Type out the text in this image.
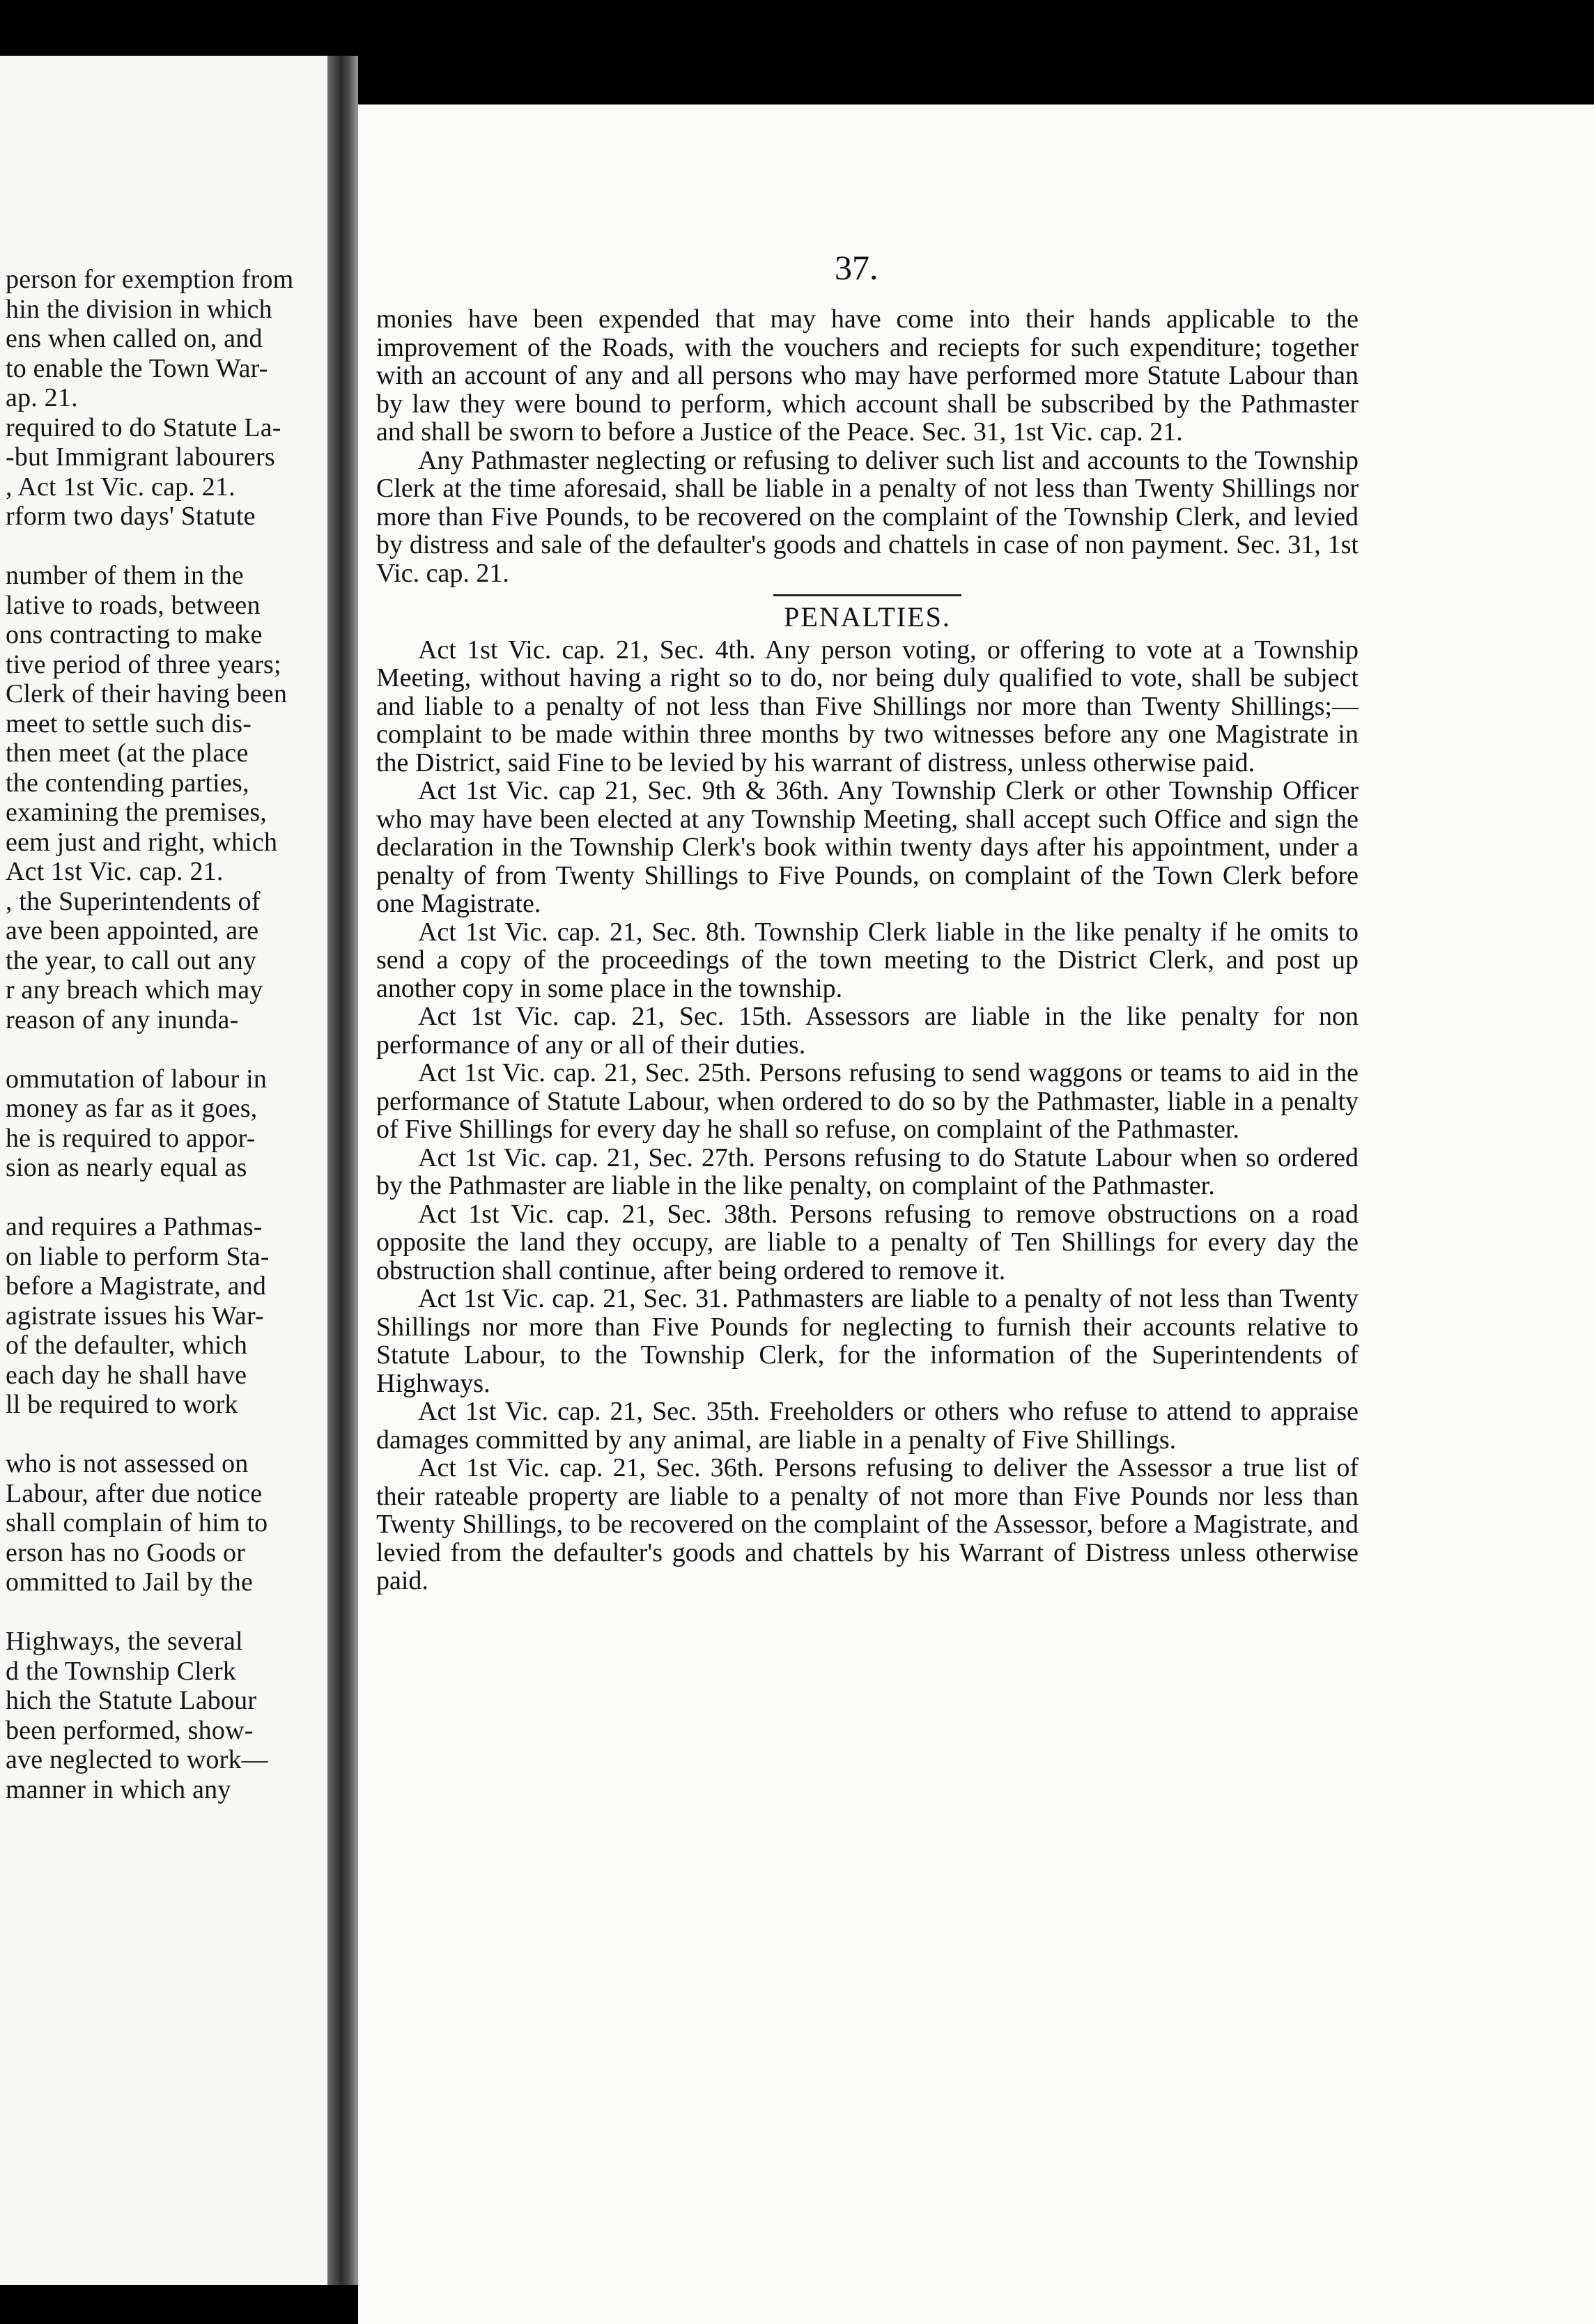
person for exemption from
hin the division in which
ens when called on, and
to enable the Town War-
ap. 21.
required to do Statute La-
-but Immigrant labourers
, Act 1st Vic. cap. 21.
rform two days' Statute
number of them in the
lative to roads, between
ons contracting to make
tive period of three years;
Clerk of their having been
meet to settle such dis-
then meet (at the place
the contending parties,
examining the premises,
eem just and right, which
Act 1st Vic. cap. 21.
, the Superintendents of
ave been appointed, are
the year, to call out any
r any breach which may
reason of any inunda-
ommutation of labour in
money as far as it goes,
he is required to appor-
sion as nearly equal as
and requires a Pathmas-
on liable to perform Sta-
before a Magistrate, and
agistrate issues his War-
of the defaulter, which
each day he shall have
ll be required to work
who is not assessed on
Labour, after due notice
shall complain of him to
erson has no Goods or
ommitted to Jail by the
Highways, the several
d the Township Clerk
hich the Statute Labour
been performed, show-
ave neglected to work—
manner in which any
37.

monies have been expended that may have come into their hands applicable to the improvement of the Roads, with the vouchers and reciepts for such expenditure; together with an account of any and all persons who may have performed more Statute Labour than by law they were bound to perform, which account shall be subscribed by the Pathmaster and shall be sworn to before a Justice of the Peace. Sec. 31, 1st Vic. cap. 21.

Any Pathmaster neglecting or refusing to deliver such list and accounts to the Township Clerk at the time aforesaid, shall be liable in a penalty of not less than Twenty Shillings nor more than Five Pounds, to be recovered on the complaint of the Township Clerk, and levied by distress and sale of the defaulter's goods and chattels in case of non payment. Sec. 31, 1st Vic. cap. 21.

PENALTIES.

Act 1st Vic. cap. 21, Sec. 4th. Any person voting, or offering to vote at a Township Meeting, without having a right so to do, nor being duly qualified to vote, shall be subject and liable to a penalty of not less than Five Shillings nor more than Twenty Shillings;—complaint to be made within three months by two witnesses before any one Magistrate in the District, said Fine to be levied by his warrant of distress, unless otherwise paid.

Act 1st Vic. cap 21, Sec. 9th & 36th. Any Township Clerk or other Township Officer who may have been elected at any Township Meeting, shall accept such Office and sign the declaration in the Township Clerk's book within twenty days after his appointment, under a penalty of from Twenty Shillings to Five Pounds, on complaint of the Town Clerk before one Magistrate.

Act 1st Vic. cap. 21, Sec. 8th. Township Clerk liable in the like penalty if he omits to send a copy of the proceedings of the town meeting to the District Clerk, and post up another copy in some place in the township.

Act 1st Vic. cap. 21, Sec. 15th. Assessors are liable in the like penalty for non performance of any or all of their duties.

Act 1st Vic. cap. 21, Sec. 25th. Persons refusing to send waggons or teams to aid in the performance of Statute Labour, when ordered to do so by the Pathmaster, liable in a penalty of Five Shillings for every day he shall so refuse, on complaint of the Pathmaster.

Act 1st Vic. cap. 21, Sec. 27th. Persons refusing to do Statute Labour when so ordered by the Pathmaster are liable in the like penalty, on complaint of the Pathmaster.

Act 1st Vic. cap. 21, Sec. 38th. Persons refusing to remove obstructions on a road opposite the land they occupy, are liable to a penalty of Ten Shillings for every day the obstruction shall continue, after being ordered to remove it.

Act 1st Vic. cap. 21, Sec. 31. Pathmasters are liable to a penalty of not less than Twenty Shillings nor more than Five Pounds for neglecting to furnish their accounts relative to Statute Labour, to the Township Clerk, for the information of the Superintendents of Highways.

Act 1st Vic. cap. 21, Sec. 35th. Freeholders or others who refuse to attend to appraise damages committed by any animal, are liable in a penalty of Five Shillings.

Act 1st Vic. cap. 21, Sec. 36th. Persons refusing to deliver the Assessor a true list of their rateable property are liable to a penalty of not more than Five Pounds nor less than Twenty Shillings, to be recovered on the complaint of the Assessor, before a Magistrate, and levied from the defaulter's goods and chattels by his Warrant of Distress unless otherwise paid.
